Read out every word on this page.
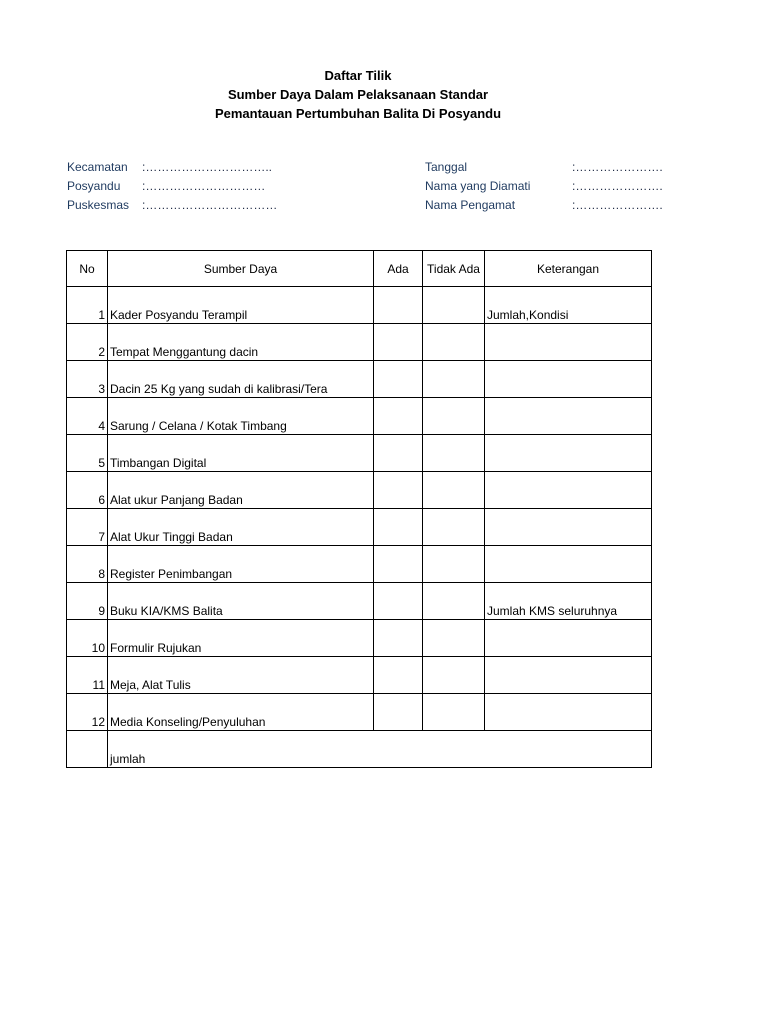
Daftar Tilik
Sumber Daya Dalam Pelaksanaan Standar
Pemantauan Pertumbuhan Balita Di Posyandu
Kecamatan	:…………………………..
Posyandu	:…………………………
Puskesmas	:……………………………
Tanggal	:………………….
Nama yang Diamati	:………………….
Nama Pengamat	:………………….
No	Sumber Daya	Ada	Tidak Ada	Keterangan
1	Kader Posyandu Terampil			Jumlah,Kondisi
2	Tempat Menggantung dacin			
3	Dacin 25 Kg yang sudah di kalibrasi/Tera			
4	Sarung / Celana / Kotak Timbang			
5	Timbangan Digital			
6	Alat ukur Panjang Badan			
7	Alat Ukur Tinggi Badan			
8	Register Penimbangan			
9	Buku KIA/KMS Balita			Jumlah KMS seluruhnya
10	Formulir Rujukan			
11	Meja, Alat Tulis			
12	Media Konseling/Penyuluhan			
	jumlah			
